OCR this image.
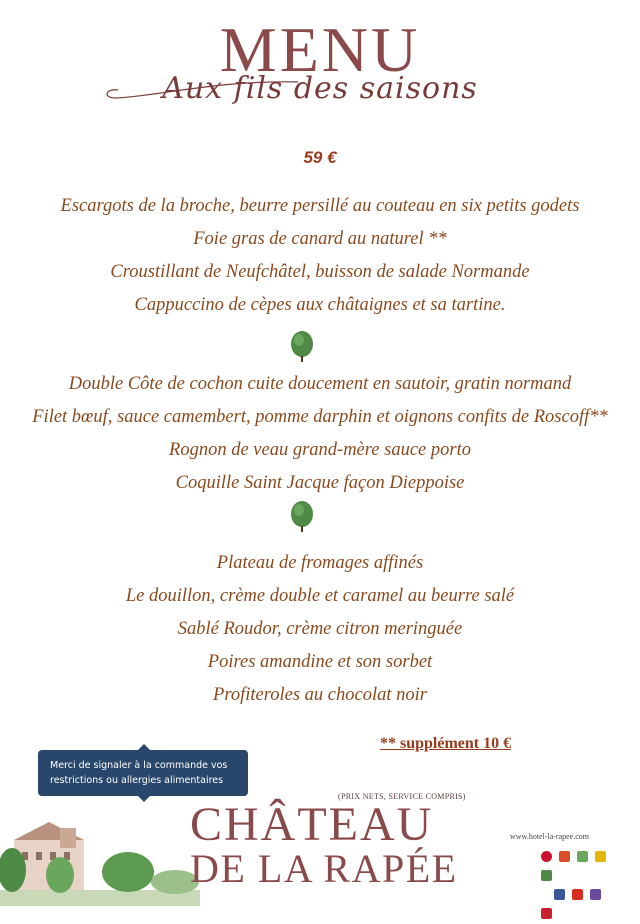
MENU
Aux fils des saisons
59 €
Escargots de la broche, beurre persillé au couteau en six petits godets
Foie gras de canard au naturel **
Croustillant de Neufchâtel, buisson de salade Normande
Cappuccino de cèpes aux châtaignes et sa tartine.
Double Côte de cochon cuite doucement en sautoir, gratin normand
Filet bœuf, sauce camembert, pomme darphin et oignons confits de Roscoff**
Rognon de veau grand-mère sauce porto
Coquille Saint Jacque façon Dieppoise
Plateau de fromages affinés
Le douillon, crème double et caramel au beurre salé
Sablé Roudor, crème citron meringuée
Poires amandine et son sorbet
Profiteroles au chocolat noir
** supplément 10 €
Merci de signaler à la commande vos restrictions ou allergies alimentaires
(PRIX NETS, SERVICE COMPRIS)
CHÂTEAU
DE LA RAPÉE
www.hotel-la-rapee.com
